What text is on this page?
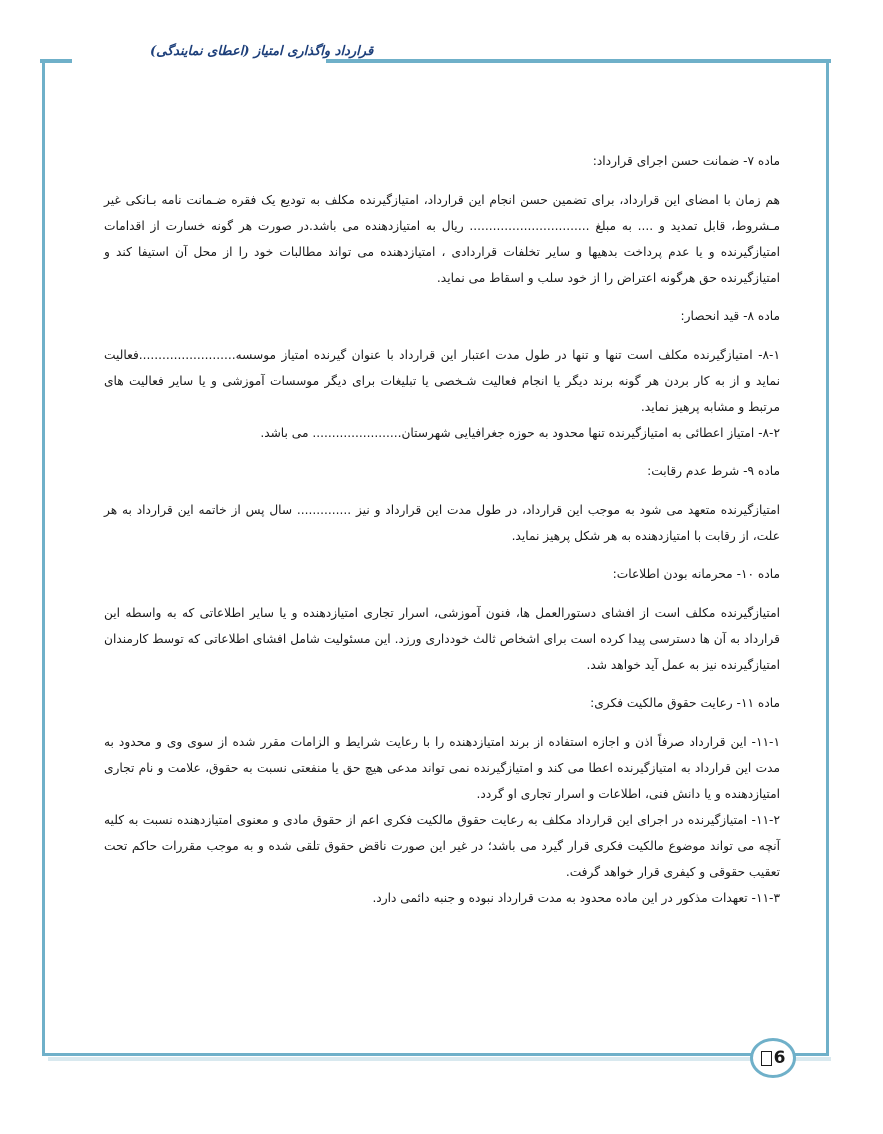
قرارداد واگذاری امتیاز (اعطای نمایندگی)
ماده ۷- ضمانت حسن اجرای قرارداد:

هم زمان با امضای این قرارداد، برای تضمین حسن انجام این قرارداد، امتیازگیرنده مکلف به تودیع یک فقره ضـمانت نامه بـانکی غیر مـشروط، قابل تمدید و .... به مبلغ ............................... ریال به امتیازدهنده می باشد.در صورت هر گونه خسارت از اقدامات امتیازگیرنده و یا عدم پرداخت بدهیها و سایر تخلفات قراردادی ، امتیازدهنده می تواند مطالبات خود را از محل آن استیفا کند و امتیازگیرنده حق هرگونه اعتراض را از خود سلب و اسقاط می نماید.

ماده ۸- قید انحصار:

۸-۱- امتیازگیرنده مکلف است تنها و تنها در طول مدت اعتبار این قرارداد با عنوان گیرنده امتیاز موسسه.........................فعالیت نماید و از به کار بردن هر گونه برند دیگر یا انجام فعالیت شـخصی یا تبلیغات برای دیگر موسسات آموزشی و یا سایر فعالیت های مرتبط و مشابه پرهیز نماید.

۸-۲- امتیاز اعطائی به امتیازگیرنده تنها محدود به حوزه جغرافیایی شهرستان....................... می باشد.

ماده ۹- شرط عدم رقابت:

امتیازگیرنده متعهد می شود به موجب این قرارداد، در طول مدت این قرارداد و نیز .............. سال پس از خاتمه این قرارداد به هر علت، از رقابت با امتیازدهنده به هر شکل پرهیز نماید.

ماده ۱۰- محرمانه بودن اطلاعات:

امتیازگیرنده مکلف است از افشای دستورالعمل ها، فنون آموزشی، اسرار تجاری امتیازدهنده و یا سایر اطلاعاتی که به واسطه این قرارداد به آن ها دسترسی پیدا کرده است برای اشخاص ثالث خودداری ورزد. این مسئولیت شامل افشای اطلاعاتی که توسط کارمندان امتیازگیرنده نیز به عمل آید خواهد شد.

ماده ۱۱- رعایت حقوق مالکیت فکری:

۱۱-۱- این قرارداد صرفاً اذن و اجازه استفاده از برند امتیازدهنده را با رعایت شرایط و الزامات مقرر شده از سوی وی و محدود به مدت این قرارداد به امتیازگیرنده اعطا می کند و امتیازگیرنده نمی تواند مدعی هیچ حق یا منفعتی نسبت به حقوق، علامت و نام تجاری امتیازدهنده و یا دانش فنی، اطلاعات و اسرار تجاری او گردد.

۱۱-۲- امتیازگیرنده در اجرای این قرارداد مکلف به رعایت حقوق مالکیت فکری اعم از حقوق مادی و معنوی امتیازدهنده نسبت به کلیه آنچه می تواند موضوع مالکیت فکری قرار گیرد می باشد؛ در غیر این صورت ناقض حقوق تلقی شده و به موجب مقررات حاکم تحت تعقیب حقوقی و کیفری قرار خواهد گرفت.

۱۱-۳- تعهدات مذکور در این ماده محدود به مدت قرارداد نبوده و جنبه دائمی دارد.

6
